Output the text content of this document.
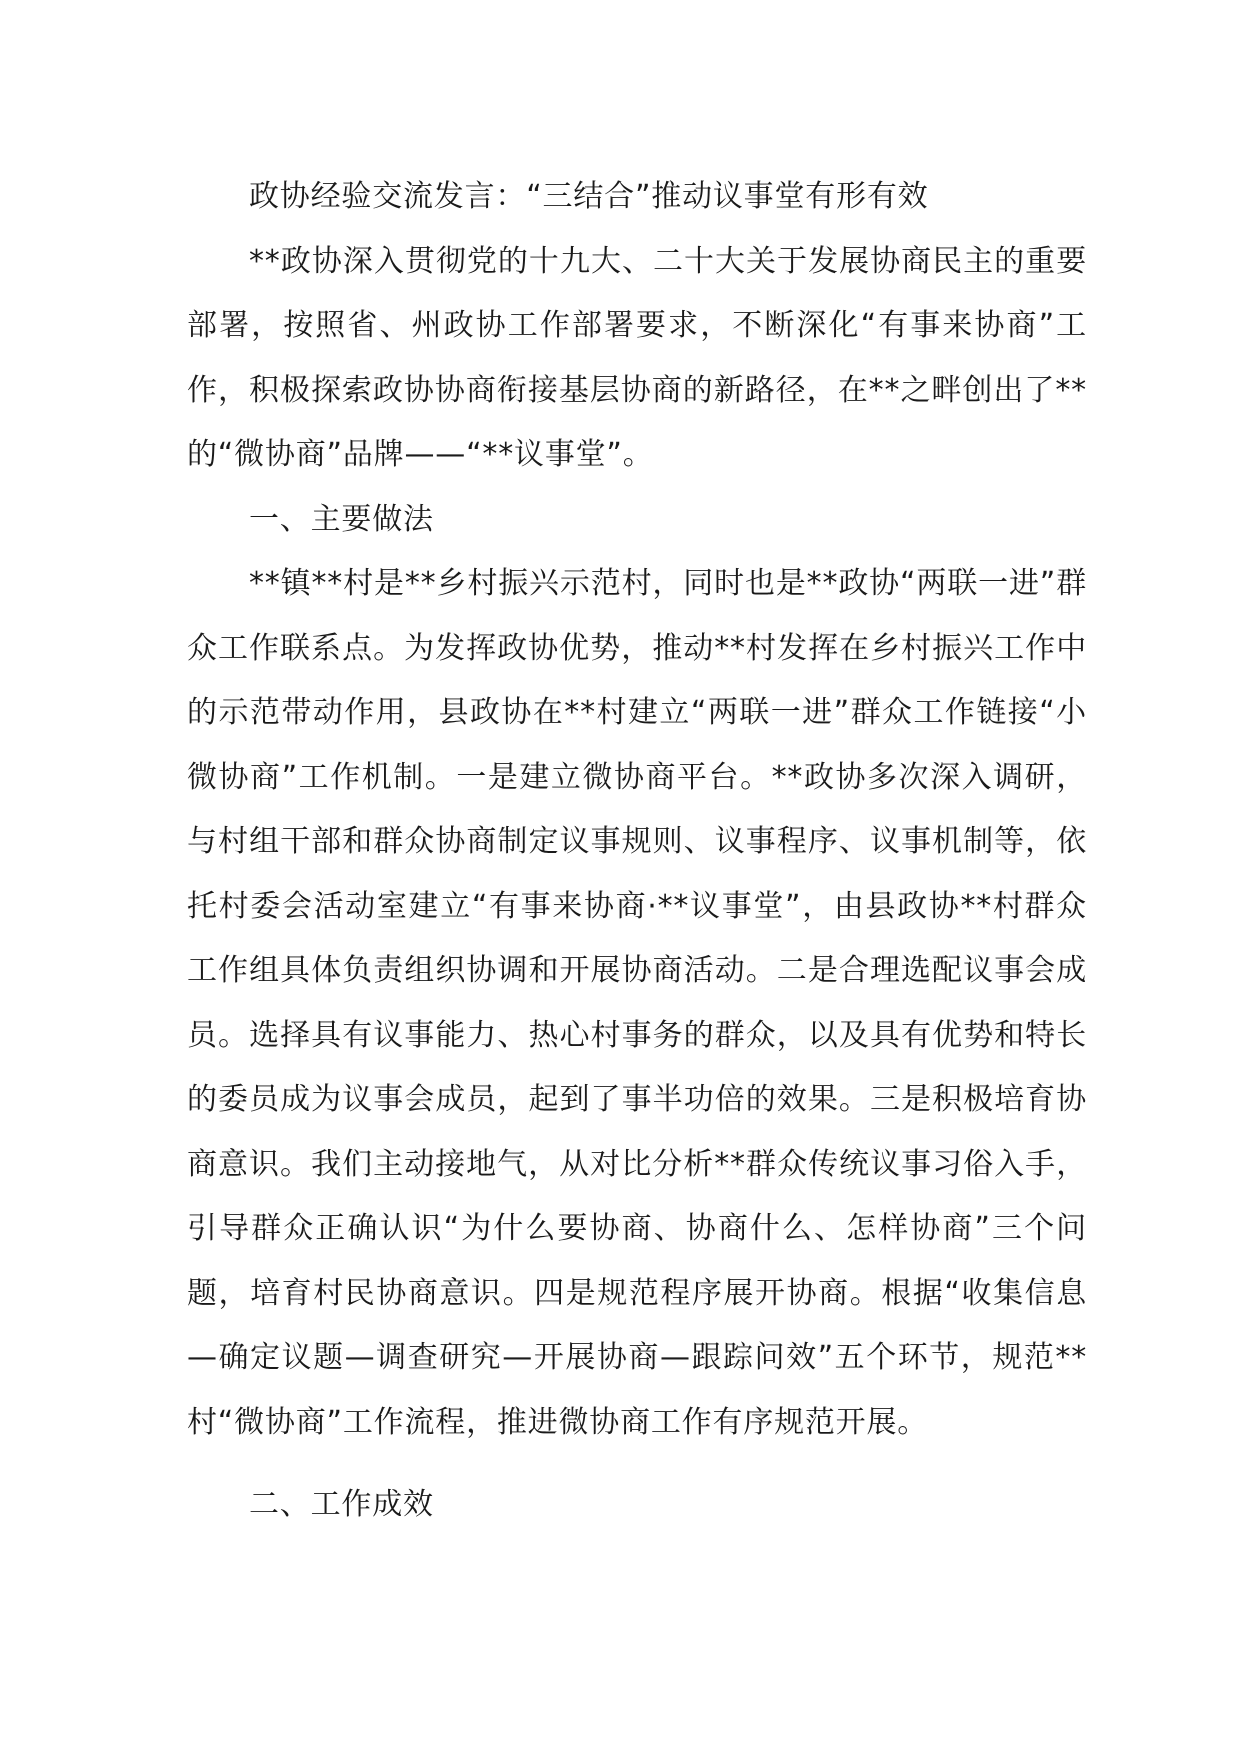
政协经验交流发言：“三结合”推动议事堂有形有效

**政协深入贯彻党的十九大、二十大关于发展协商民主的重要部署，按照省、州政协工作部署要求，不断深化“有事来协商”工作，积极探索政协协商衔接基层协商的新路径，在**之畔创出了**的“微协商”品牌——“**议事堂”。

一、主要做法

**镇**村是**乡村振兴示范村，同时也是**政协“两联一进”群众工作联系点。为发挥政协优势，推动**村发挥在乡村振兴工作中的示范带动作用，县政协在**村建立“两联一进”群众工作链接“小微协商”工作机制。一是建立微协商平台。**政协多次深入调研，与村组干部和群众协商制定议事规则、议事程序、议事机制等，依托村委会活动室建立“有事来协商·**议事堂”，由县政协**村群众工作组具体负责组织协调和开展协商活动。二是合理选配议事会成员。选择具有议事能力、热心村事务的群众，以及具有优势和特长的委员成为议事会成员，起到了事半功倍的效果。三是积极培育协商意识。我们主动接地气，从对比分析**群众传统议事习俗入手，引导群众正确认识“为什么要协商、协商什么、怎样协商”三个问题，培育村民协商意识。四是规范程序展开协商。根据“收集信息—确定议题—调查研究—开展协商—跟踪问效”五个环节，规范**村“微协商”工作流程，推进微协商工作有序规范开展。

二、工作成效
